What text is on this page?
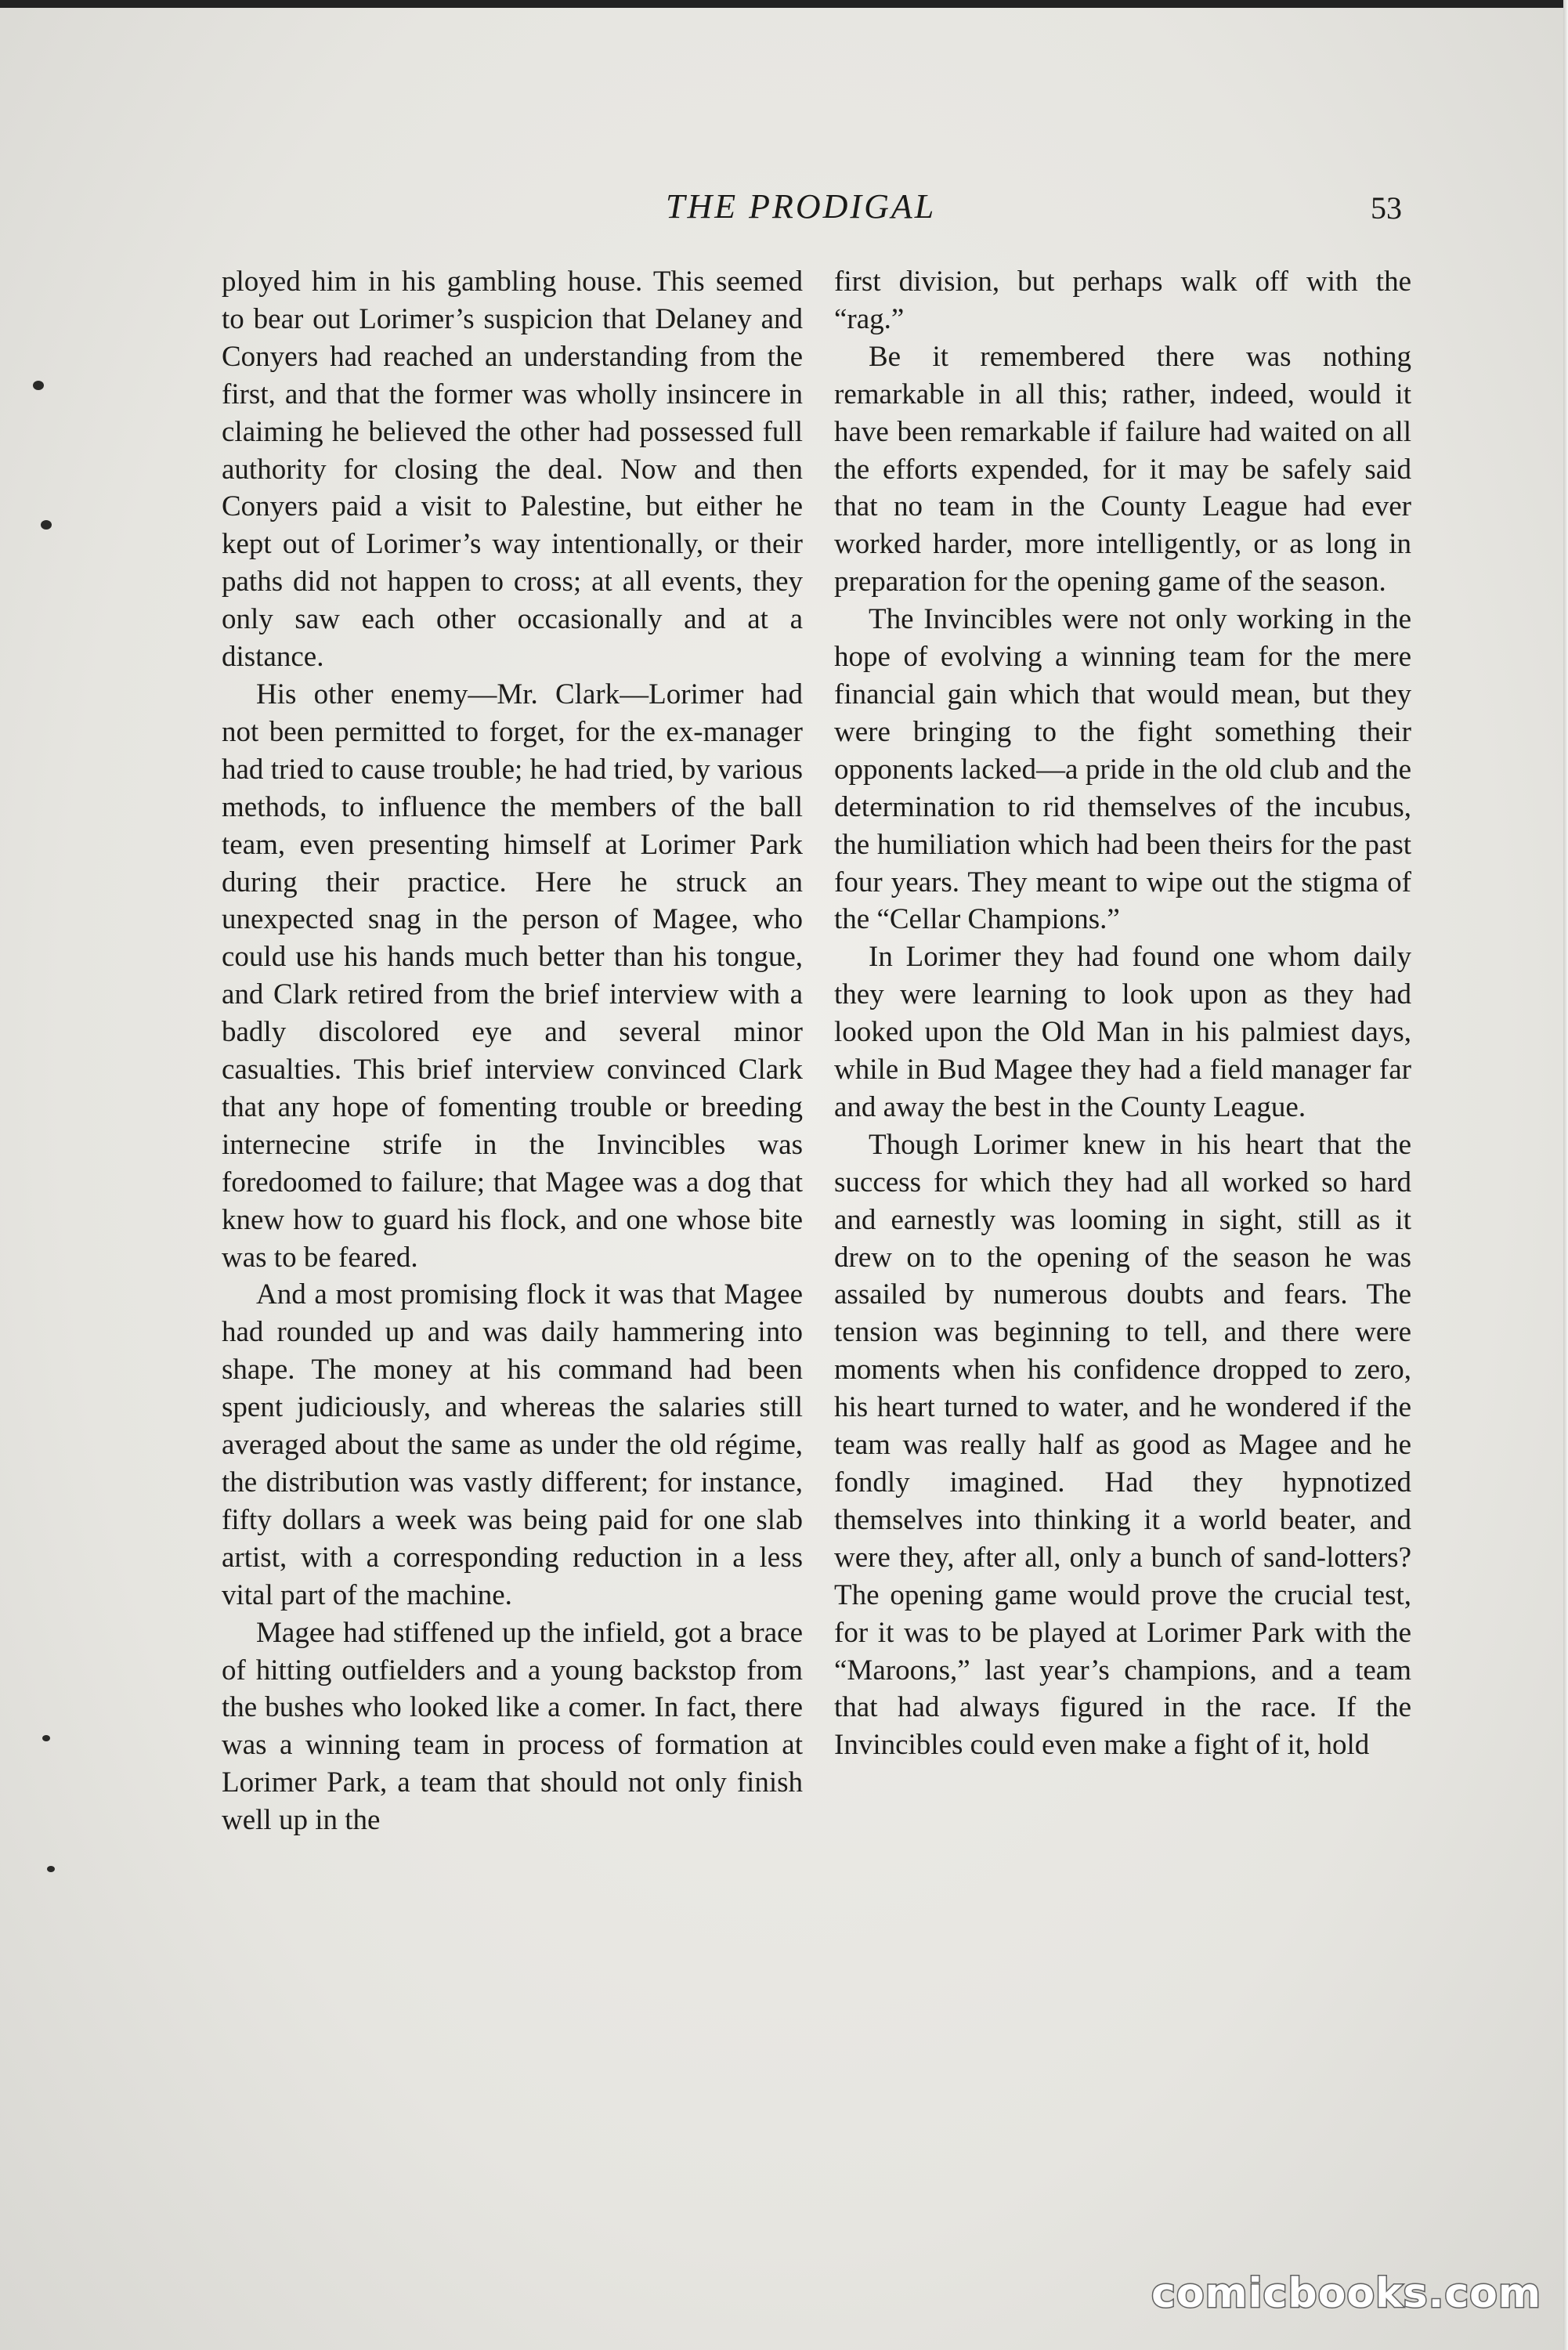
THE PRODIGAL	53

ployed him in his gambling house. This seemed to bear out Lorimer’s suspicion that Delaney and Conyers had reached an understanding from the first, and that the former was wholly insincere in claiming he believed the other had possessed full authority for closing the deal. Now and then Conyers paid a visit to Palestine, but either he kept out of Lorimer’s way intentionally, or their paths did not happen to cross; at all events, they only saw each other occasionally and at a distance.

His other enemy—Mr. Clark—Lorimer had not been permitted to forget, for the ex-manager had tried to cause trouble; he had tried, by various methods, to influence the members of the ball team, even presenting himself at Lorimer Park during their practice. Here he struck an unexpected snag in the person of Magee, who could use his hands much better than his tongue, and Clark retired from the brief interview with a badly discolored eye and several minor casualties. This brief interview convinced Clark that any hope of fomenting trouble or breeding internecine strife in the Invincibles was foredoomed to failure; that Magee was a dog that knew how to guard his flock, and one whose bite was to be feared.

And a most promising flock it was that Magee had rounded up and was daily hammering into shape. The money at his command had been spent judiciously, and whereas the salaries still averaged about the same as under the old régime, the distribution was vastly different; for instance, fifty dollars a week was being paid for one slab artist, with a corresponding reduction in a less vital part of the machine.

Magee had stiffened up the infield, got a brace of hitting outfielders and a young backstop from the bushes who looked like a comer. In fact, there was a winning team in process of formation at Lorimer Park, a team that should not only finish well up in the

first division, but perhaps walk off with the “rag.”

Be it remembered there was nothing remarkable in all this; rather, indeed, would it have been remarkable if failure had waited on all the efforts expended, for it may be safely said that no team in the County League had ever worked harder, more intelligently, or as long in preparation for the opening game of the season.

The Invincibles were not only working in the hope of evolving a winning team for the mere financial gain which that would mean, but they were bringing to the fight something their opponents lacked—a pride in the old club and the determination to rid themselves of the incubus, the humiliation which had been theirs for the past four years. They meant to wipe out the stigma of the “Cellar Champions.”

In Lorimer they had found one whom daily they were learning to look upon as they had looked upon the Old Man in his palmiest days, while in Bud Magee they had a field manager far and away the best in the County League.

Though Lorimer knew in his heart that the success for which they had all worked so hard and earnestly was looming in sight, still as it drew on to the opening of the season he was assailed by numerous doubts and fears. The tension was beginning to tell, and there were moments when his confidence dropped to zero, his heart turned to water, and he wondered if the team was really half as good as Magee and he fondly imagined. Had they hypnotized themselves into thinking it a world beater, and were they, after all, only a bunch of sand-lotters? The opening game would prove the crucial test, for it was to be played at Lorimer Park with the “Maroons,” last year’s champions, and a team that had always figured in the race. If the Invincibles could even make a fight of it, hold

comicbooks.com
